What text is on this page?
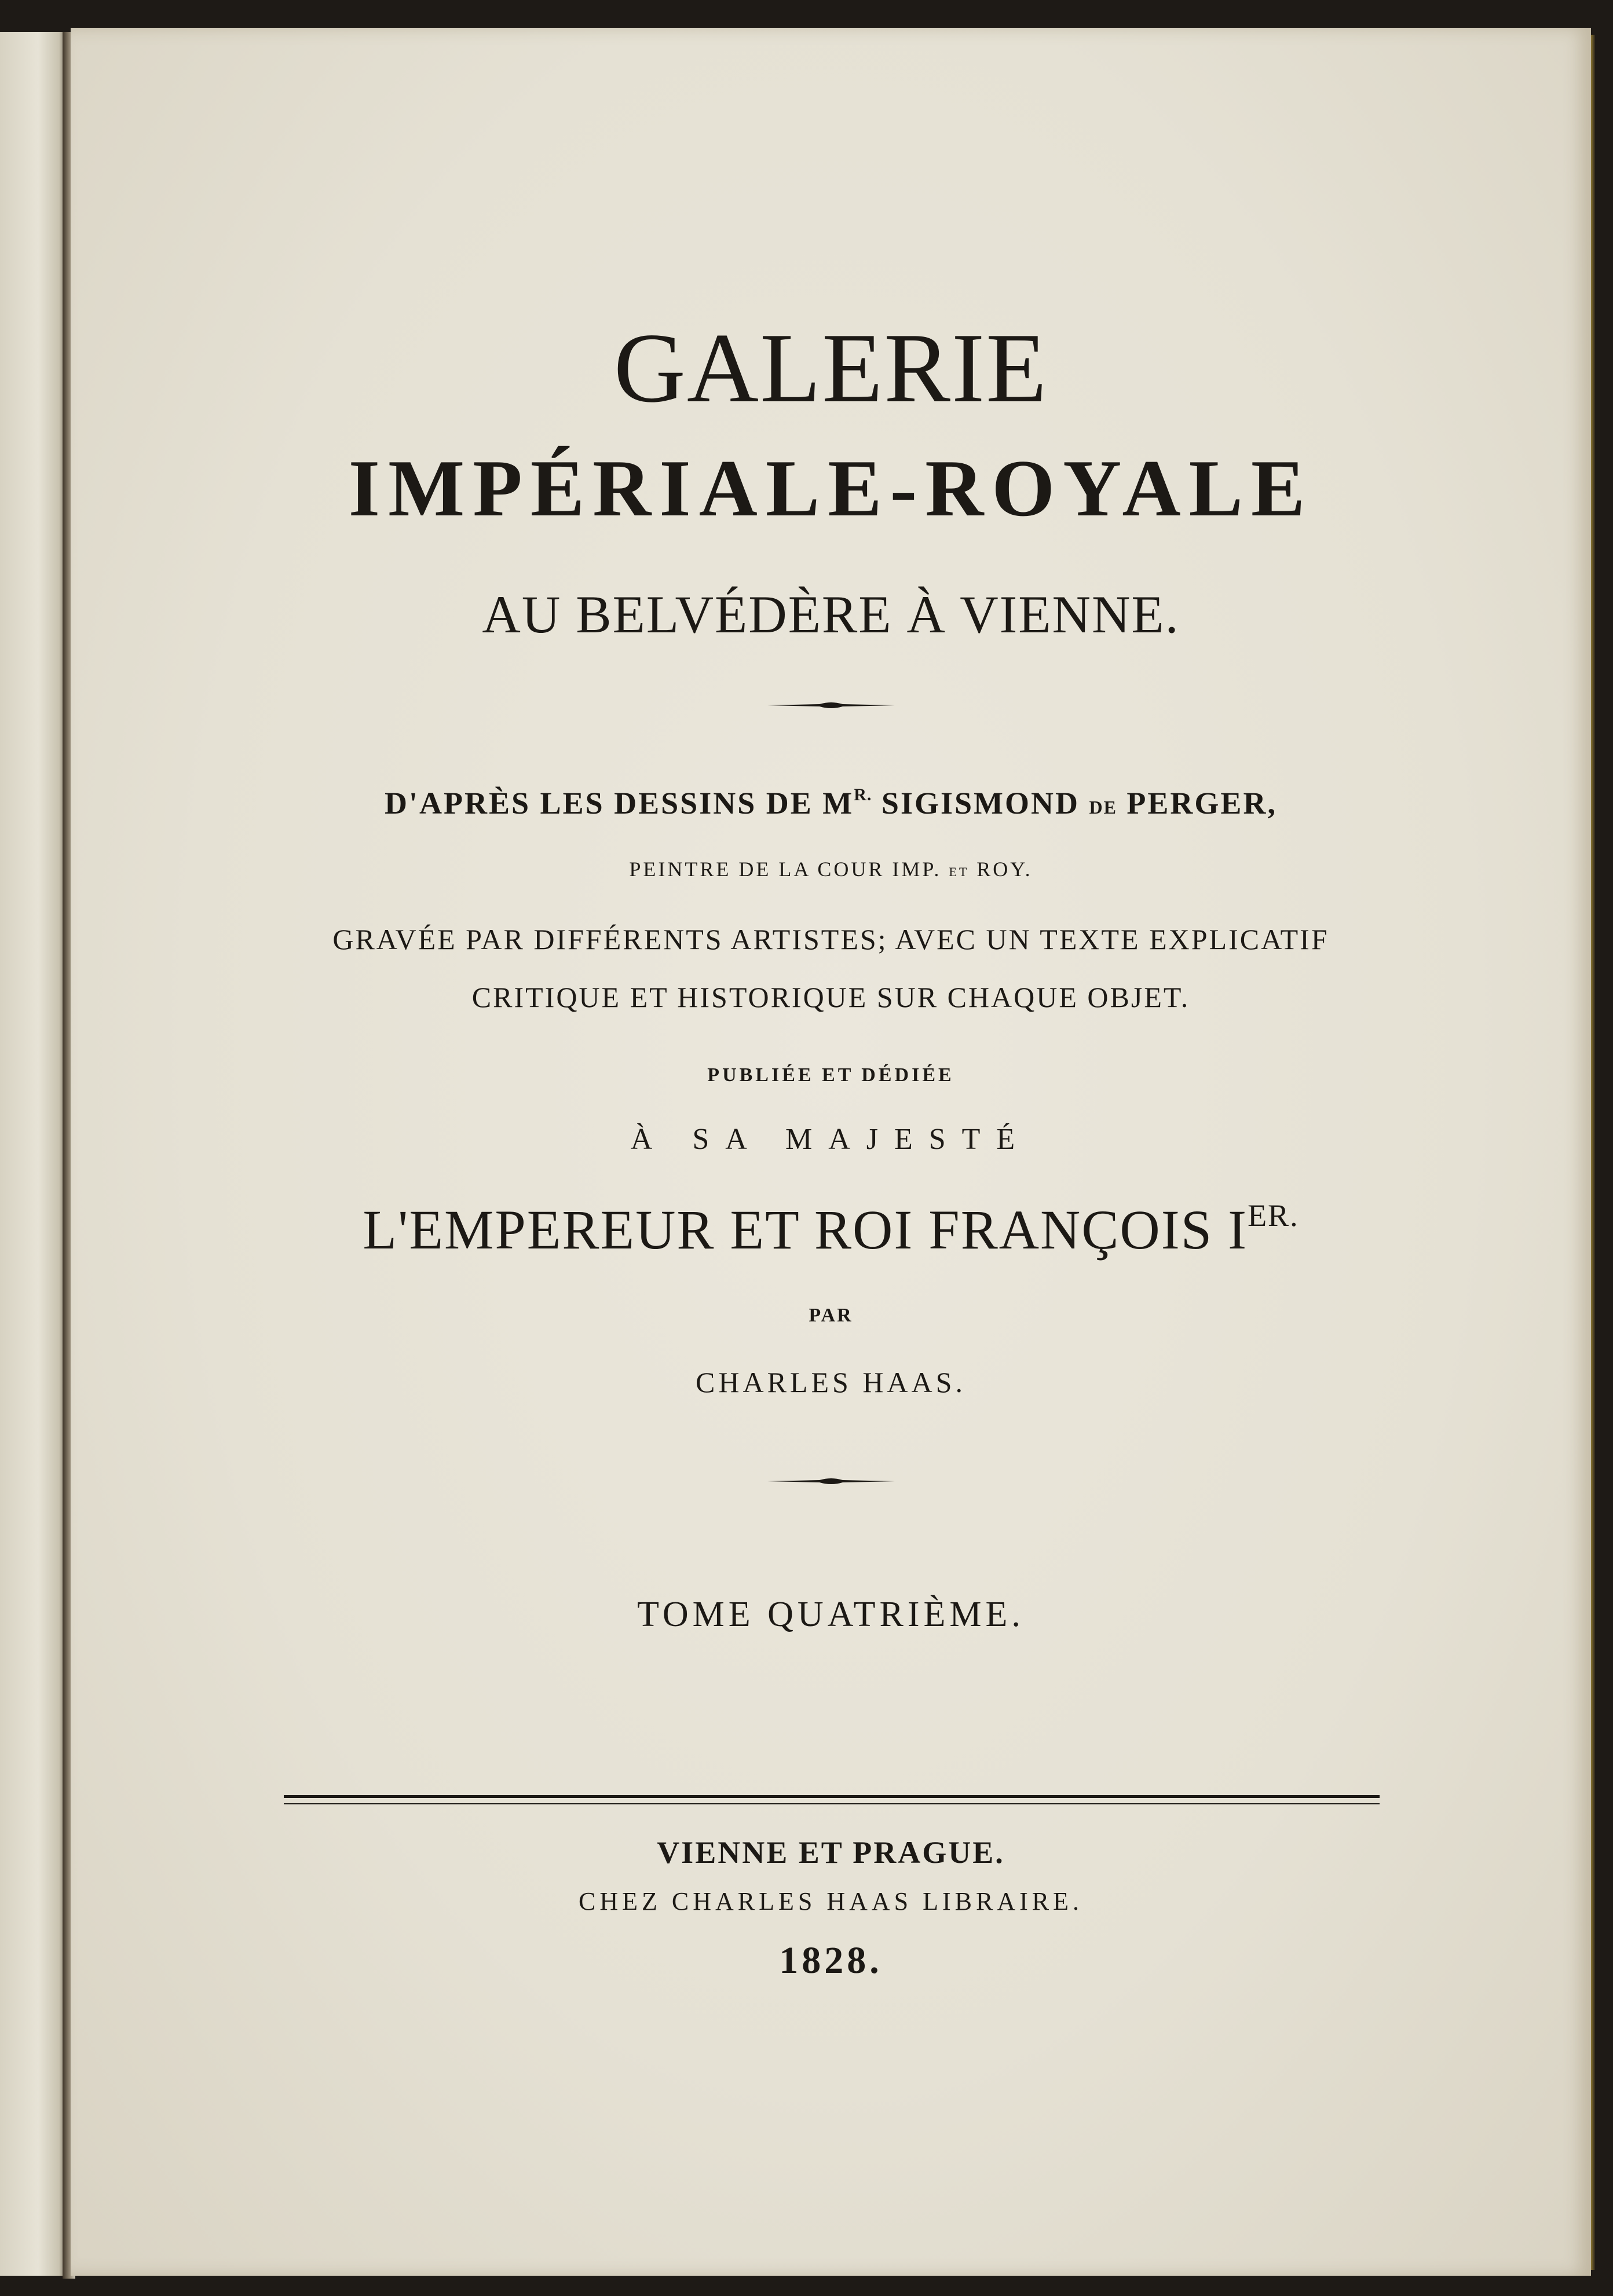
GALERIE
IMPÉRIALE-ROYALE
AU BELVÉDÈRE À VIENNE.
D'APRÈS LES DESSINS DE $M^{R.}$ SIGISMOND DE PERGER,
PEINTRE DE LA COUR IMP. ET ROY.
GRAVÉE PAR DIFFÉRENTS ARTISTES; AVEC UN TEXTE EXPLICATIF
CRITIQUE ET HISTORIQUE SUR CHAQUE OBJET.
PUBLIÉE ET DÉDIÉE
À SA MAJESTÉ
L'EMPEREUR ET ROI FRANÇOIS $I^{ER.}$
PAR
CHARLES HAAS.
TOME QUATRIÈME.
VIENNE ET PRAGUE.
CHEZ CHARLES HAAS LIBRAIRE.
1828.
